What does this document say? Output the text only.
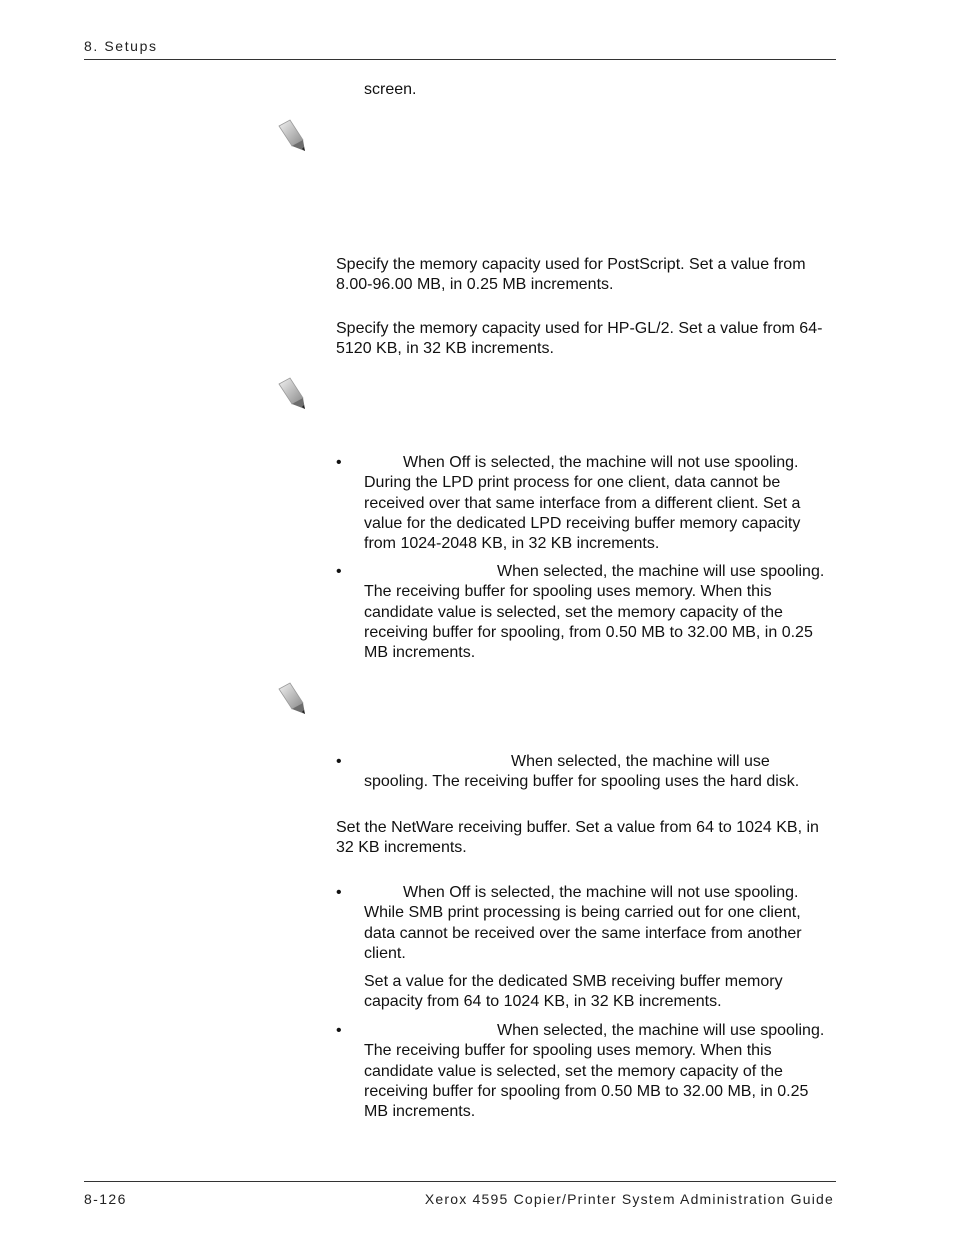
8. Setups
screen.
Specify the memory capacity used for PostScript. Set a value from 8.00-96.00 MB, in 0.25 MB increments.
Specify the memory capacity used for HP-GL/2. Set a value from 64-5120 KB, in 32 KB increments.
•	When Off is selected, the machine will not use spooling. During the LPD print process for one client, data cannot be received over that same interface from a different client. Set a value for the dedicated LPD receiving buffer memory capacity from 1024-2048 KB, in 32 KB increments.
•	When selected, the machine will use spooling. The receiving buffer for spooling uses memory. When this candidate value is selected, set the memory capacity of the receiving buffer for spooling, from 0.50 MB to 32.00 MB, in 0.25 MB increments.
•	When selected, the machine will use spooling. The receiving buffer for spooling uses the hard disk.
Set the NetWare receiving buffer. Set a value from 64 to 1024 KB, in 32 KB increments.
•	When Off is selected, the machine will not use spooling. While SMB print processing is being carried out for one client, data cannot be received over the same interface from another client.
Set a value for the dedicated SMB receiving buffer memory capacity from 64 to 1024 KB, in 32 KB increments.
•	When selected, the machine will use spooling. The receiving buffer for spooling uses memory. When this candidate value is selected, set the memory capacity of the receiving buffer for spooling from 0.50 MB to 32.00 MB, in 0.25 MB increments.
8-126	Xerox 4595 Copier/Printer System Administration Guide
